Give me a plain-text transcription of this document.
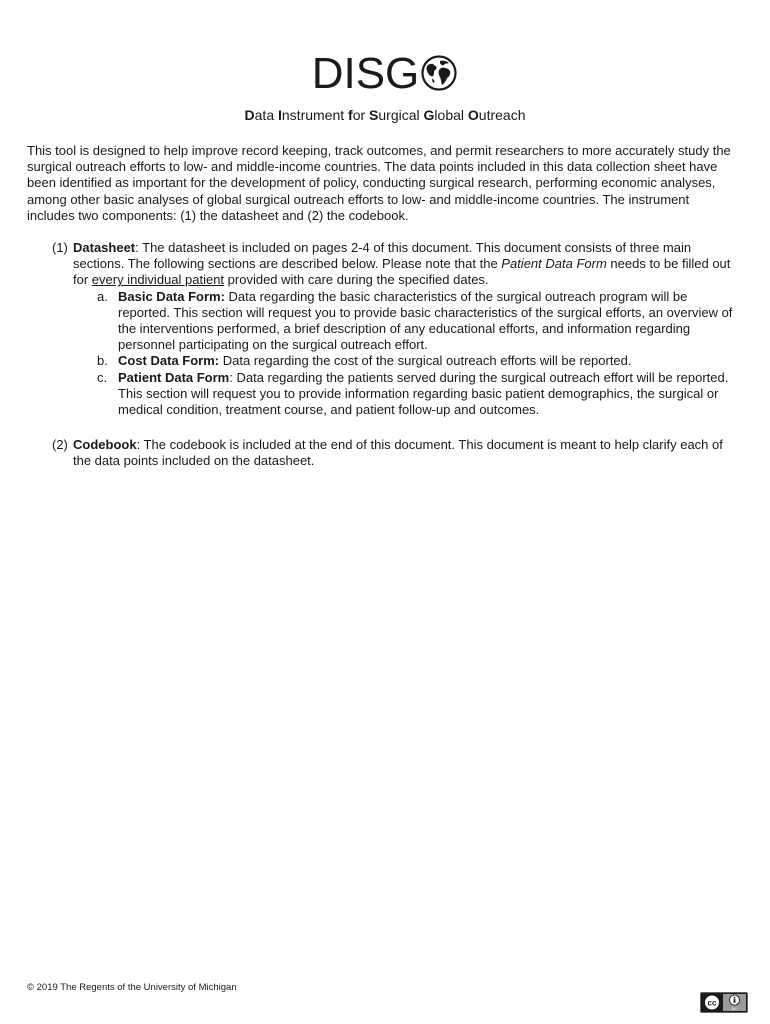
DISG
Data Instrument for Surgical Global Outreach

This tool is designed to help improve record keeping, track outcomes, and permit researchers to more accurately study the surgical outreach efforts to low- and middle-income countries. The data points included in this data collection sheet have been identified as important for the development of policy, conducting surgical research, performing economic analyses, among other basic analyses of global surgical outreach efforts to low- and middle-income countries. The instrument includes two components: (1) the datasheet and (2) the codebook.

(1) Datasheet: The datasheet is included on pages 2-4 of this document. This document consists of three main sections. The following sections are described below. Please note that the Patient Data Form needs to be filled out for every individual patient provided with care during the specified dates.
a. Basic Data Form: Data regarding the basic characteristics of the surgical outreach program will be reported. This section will request you to provide basic characteristics of the surgical efforts, an overview of the interventions performed, a brief description of any educational efforts, and information regarding personnel participating on the surgical outreach effort.
b. Cost Data Form: Data regarding the cost of the surgical outreach efforts will be reported.
c. Patient Data Form: Data regarding the patients served during the surgical outreach effort will be reported. This section will request you to provide information regarding basic patient demographics, the surgical or medical condition, treatment course, and patient follow-up and outcomes.
(2) Codebook: The codebook is included at the end of this document. This document is meant to help clarify each of the data points included on the datasheet.
© 2019 The Regents of the University of Michigan
cc
BY
